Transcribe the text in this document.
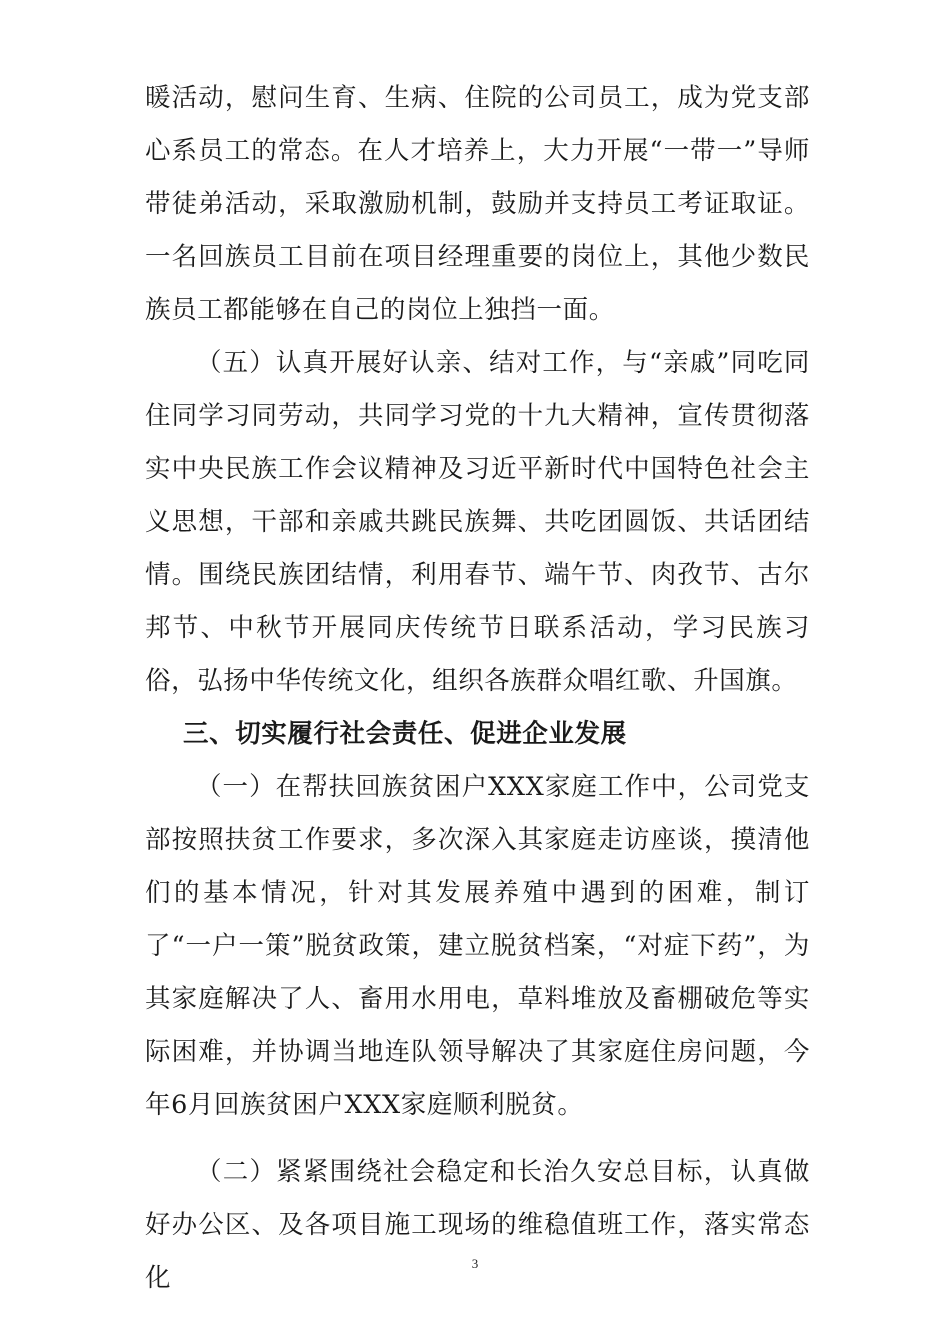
暖活动，慰问生育、生病、住院的公司员工，成为党支部心系员工的常态。在人才培养上，大力开展“一带一”导师带徒弟活动，采取激励机制，鼓励并支持员工考证取证。一名回族员工目前在项目经理重要的岗位上，其他少数民族员工都能够在自己的岗位上独挡一面。

（五）认真开展好认亲、结对工作，与“亲戚”同吃同住同学习同劳动，共同学习党的十九大精神，宣传贯彻落实中央民族工作会议精神及习近平新时代中国特色社会主义思想，干部和亲戚共跳民族舞、共吃团圆饭、共话团结情。围绕民族团结情，利用春节、端午节、肉孜节、古尔邦节、中秋节开展同庆传统节日联系活动，学习民族习俗，弘扬中华传统文化，组织各族群众唱红歌、升国旗。

三、切实履行社会责任、促进企业发展

（一）在帮扶回族贫困户XXX家庭工作中，公司党支部按照扶贫工作要求，多次深入其家庭走访座谈，摸清他们的基本情况，针对其发展养殖中遇到的困难，制订了“一户一策”脱贫政策，建立脱贫档案，“对症下药”，为其家庭解决了人、畜用水用电，草料堆放及畜棚破危等实际困难，并协调当地连队领导解决了其家庭住房问题，今年6月回族贫困户XXX家庭顺利脱贫。

（二）紧紧围绕社会稳定和长治久安总目标，认真做好办公区、及各项目施工现场的维稳值班工作，落实常态化	3
